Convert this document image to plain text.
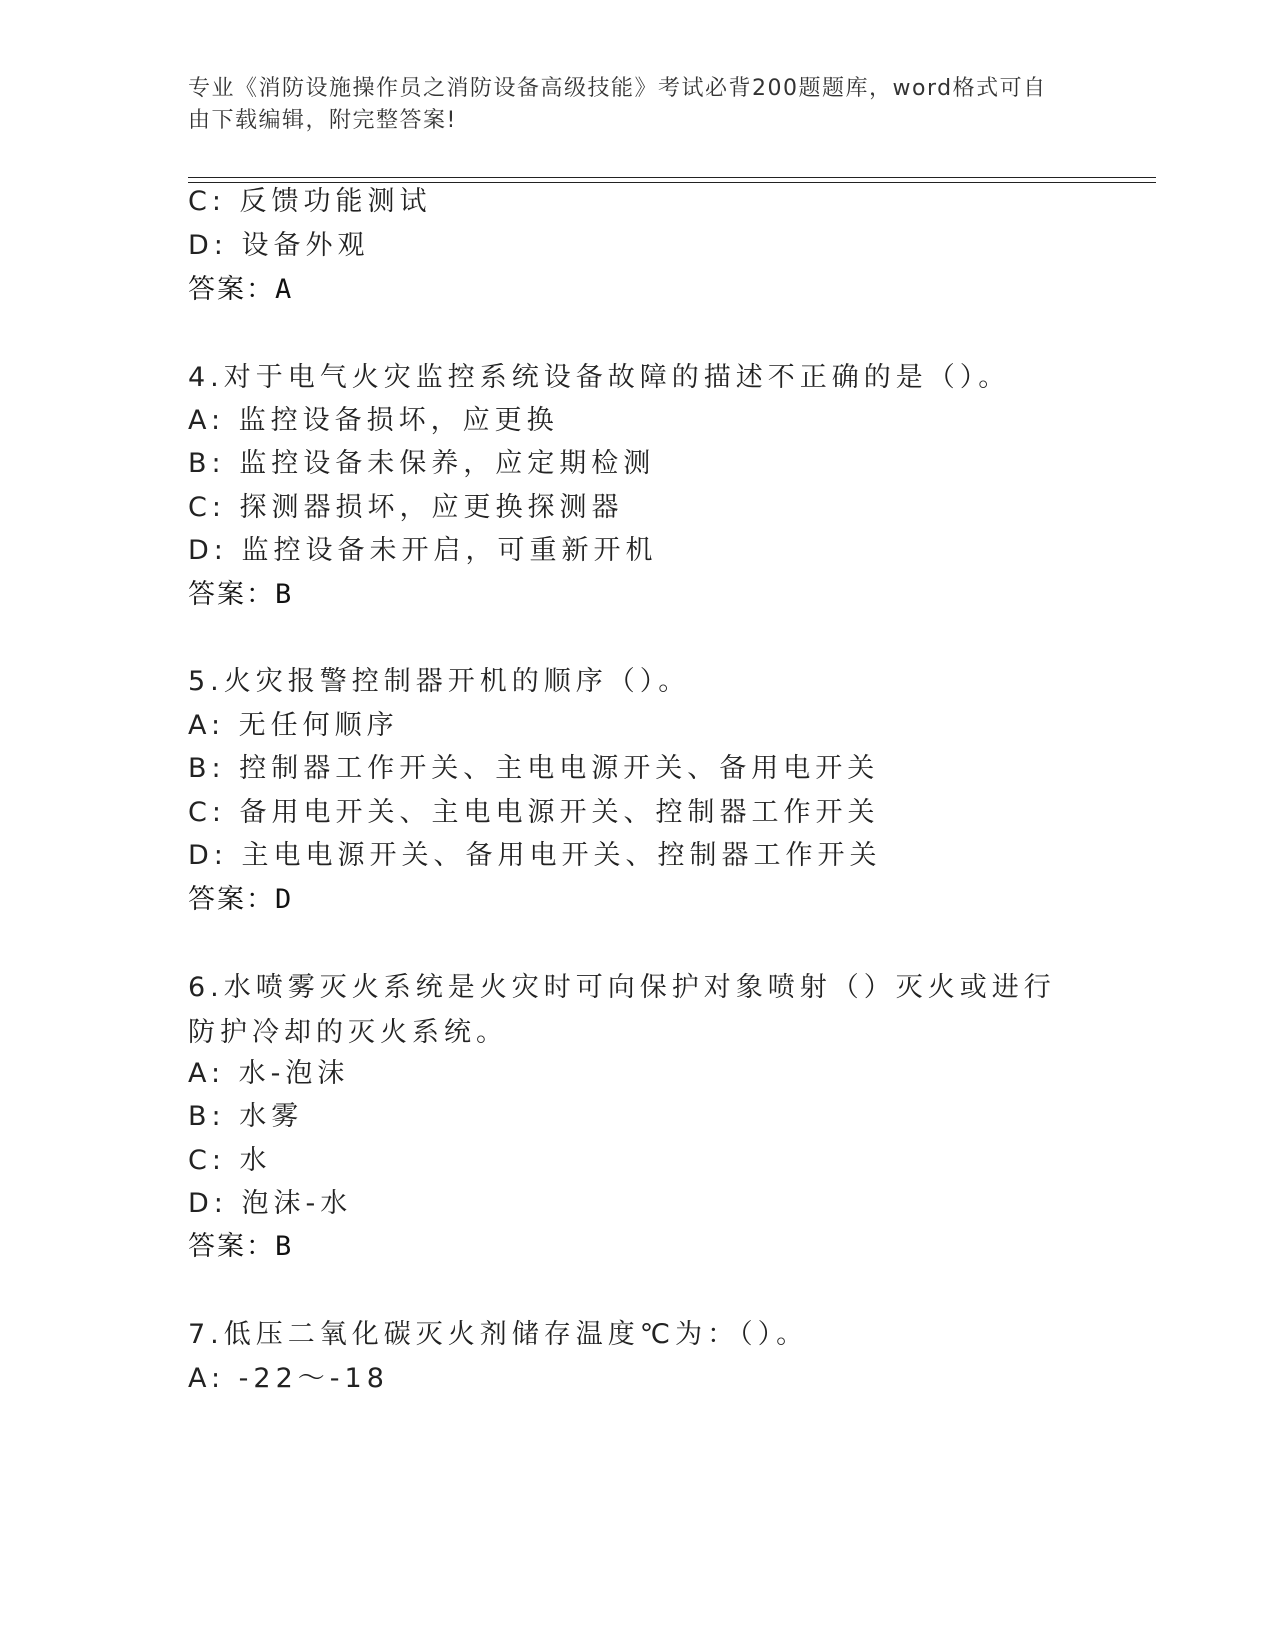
专业《消防设施操作员之消防设备高级技能》考试必背200题题库，word格式可自由下载编辑，附完整答案!
C: 反馈功能测试
D: 设备外观
答案：A
4.对于电气火灾监控系统设备故障的描述不正确的是（）。
A: 监控设备损坏，应更换
B: 监控设备未保养，应定期检测
C: 探测器损坏，应更换探测器
D: 监控设备未开启，可重新开机
答案：B
5.火灾报警控制器开机的顺序（）。
A: 无任何顺序
B: 控制器工作开关、主电电源开关、备用电开关
C: 备用电开关、主电电源开关、控制器工作开关
D: 主电电源开关、备用电开关、控制器工作开关
答案：D
6.水喷雾灭火系统是火灾时可向保护对象喷射（）灭火或进行防护冷却的灭火系统。
A: 水-泡沫
B: 水雾
C: 水
D: 泡沫-水
答案：B
7.低压二氧化碳灭火剂储存温度℃为：（）。
A: -22～-18
